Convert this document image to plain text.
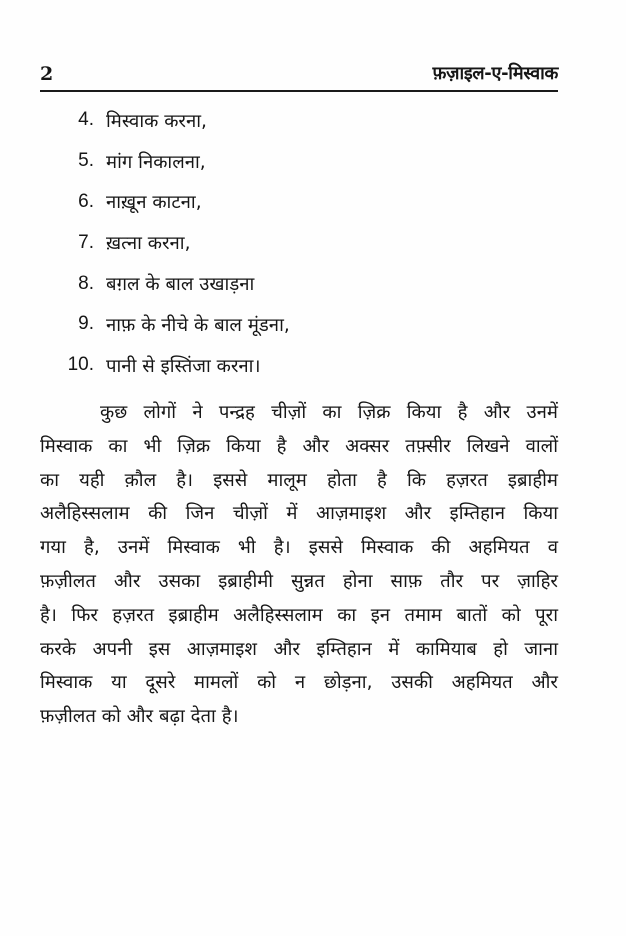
2	फ़ज़ाइल-ए-मिस्वाक
4. मिस्वाक करना,
5. मांग निकालना,
6. नाख़ून काटना,
7. ख़त्ना करना,
8. बग़ल के बाल उखाड़ना
9. नाफ़ के नीचे के बाल मूंडना,
10. पानी से इस्तिंजा करना।
कुछ लोगों ने पन्द्रह चीज़ों का ज़िक्र किया है और उनमें
मिस्वाक का भी ज़िक्र किया है और अक्सर तफ़्सीर लिखने वालों
का यही क़ौल है। इससे मालूम होता है कि हज़रत इब्राहीम
अलैहिस्सलाम की जिन चीज़ों में आज़माइश और इम्तिहान किया
गया है, उनमें मिस्वाक भी है। इससे मिस्वाक की अहमियत व
फ़ज़ीलत और उसका इब्राहीमी सुन्नत होना साफ़ तौर पर ज़ाहिर
है। फिर हज़रत इब्राहीम अलैहिस्सलाम का इन तमाम बातों को पूरा
करके अपनी इस आज़माइश और इम्तिहान में कामियाब हो जाना
मिस्वाक या दूसरे मामलों को न छोड़ना, उसकी अहमियत और
फ़ज़ीलत को और बढ़ा देता है।
